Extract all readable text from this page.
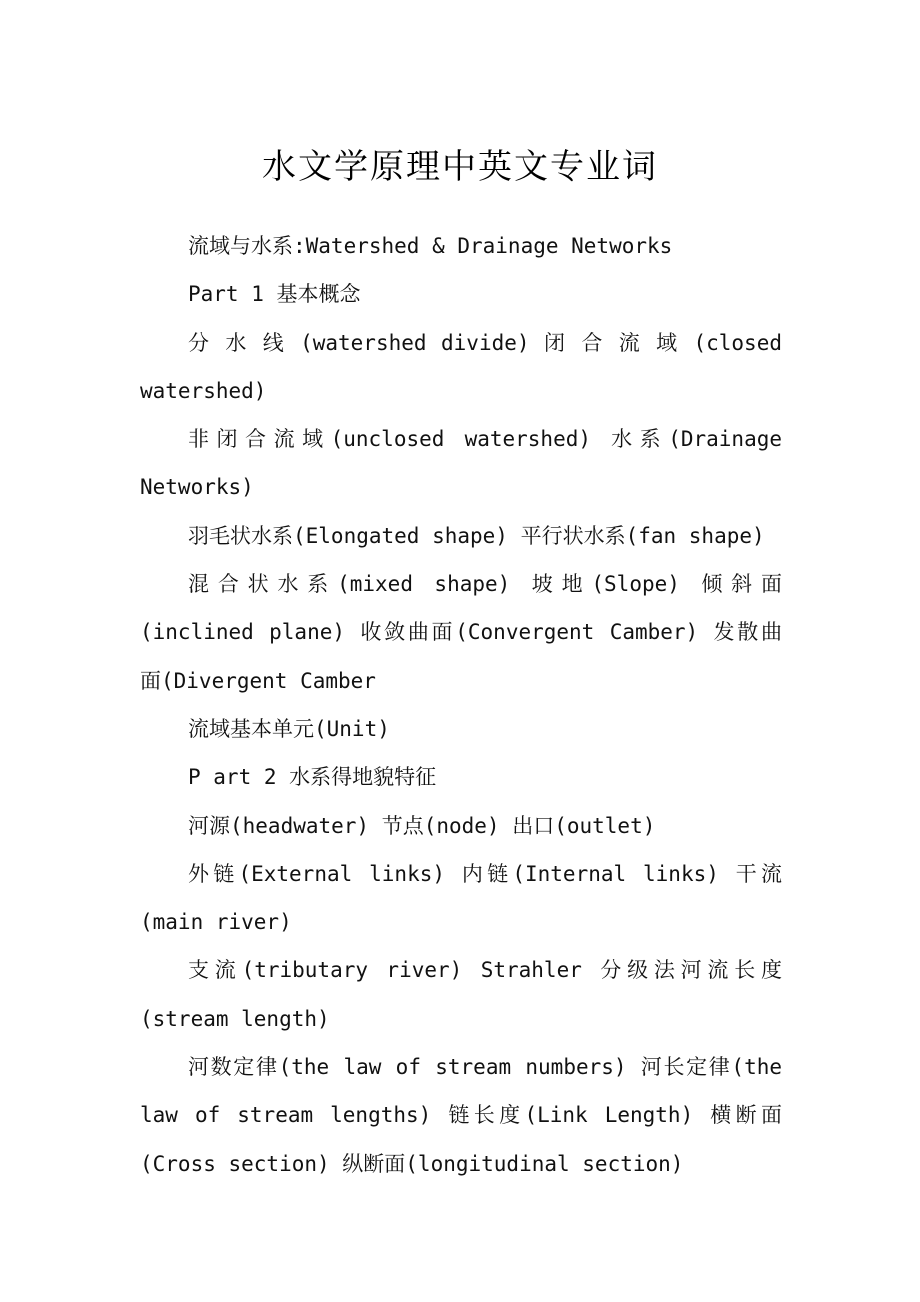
水文学原理中英文专业词
流域与水系:Watershed & Drainage Networks
Part 1 基本概念
分 水 线 (watershed divide) 闭 合 流 域 (closed
watershed)
非闭合流域(unclosed watershed) 水系(Drainage
Networks)
羽毛状水系(Elongated shape) 平行状水系(fan shape)
混合状水系(mixed shape) 坡地(Slope) 倾斜面
(inclined plane) 收敛曲面(Convergent Camber) 发散曲
面(Divergent Camber
流域基本单元(Unit)
P art 2 水系得地貌特征
河源(headwater) 节点(node) 出口(outlet)
外链(External links) 内链(Internal links) 干流
(main river)
支流(tributary river) Strahler 分级法河流长度
(stream length)
河数定律(the law of stream numbers) 河长定律(the
law of stream lengths) 链长度(Link Length) 横断面
(Cross section) 纵断面(longitudinal section)
